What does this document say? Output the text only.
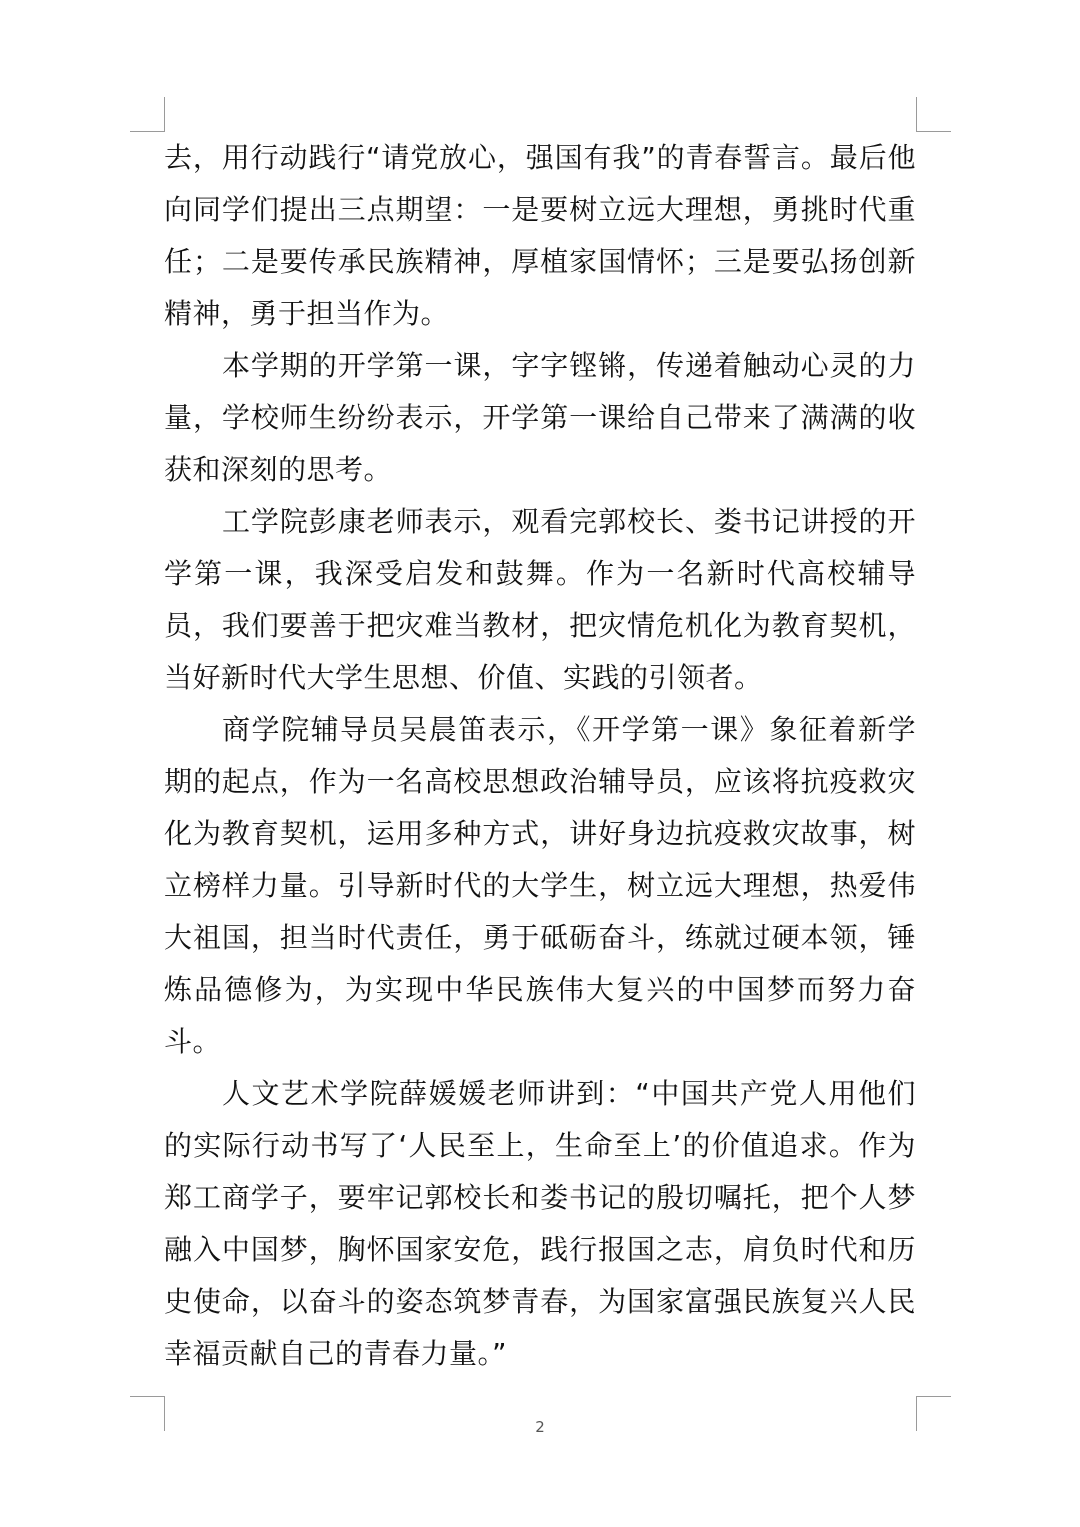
去，用行动践行“请党放心，强国有我”的青春誓言。最后他向同学们提出三点期望：一是要树立远大理想，勇挑时代重任；二是要传承民族精神，厚植家国情怀；三是要弘扬创新精神，勇于担当作为。

本学期的开学第一课，字字铿锵，传递着触动心灵的力量，学校师生纷纷表示，开学第一课给自己带来了满满的收获和深刻的思考。

工学院彭康老师表示，观看完郭校长、娄书记讲授的开学第一课，我深受启发和鼓舞。作为一名新时代高校辅导员，我们要善于把灾难当教材，把灾情危机化为教育契机，当好新时代大学生思想、价值、实践的引领者。

商学院辅导员吴晨笛表示，《开学第一课》象征着新学期的起点，作为一名高校思想政治辅导员，应该将抗疫救灾化为教育契机，运用多种方式，讲好身边抗疫救灾故事，树立榜样力量。引导新时代的大学生，树立远大理想，热爱伟大祖国，担当时代责任，勇于砥砺奋斗，练就过硬本领，锤炼品德修为，为实现中华民族伟大复兴的中国梦而努力奋斗。

人文艺术学院薛媛媛老师讲到：“中国共产党人用他们的实际行动书写了‘人民至上，生命至上’的价值追求。作为郑工商学子，要牢记郭校长和娄书记的殷切嘱托，把个人梦融入中国梦，胸怀国家安危，践行报国之志，肩负时代和历史使命，以奋斗的姿态筑梦青春，为国家富强民族复兴人民幸福贡献自己的青春力量。”

2
